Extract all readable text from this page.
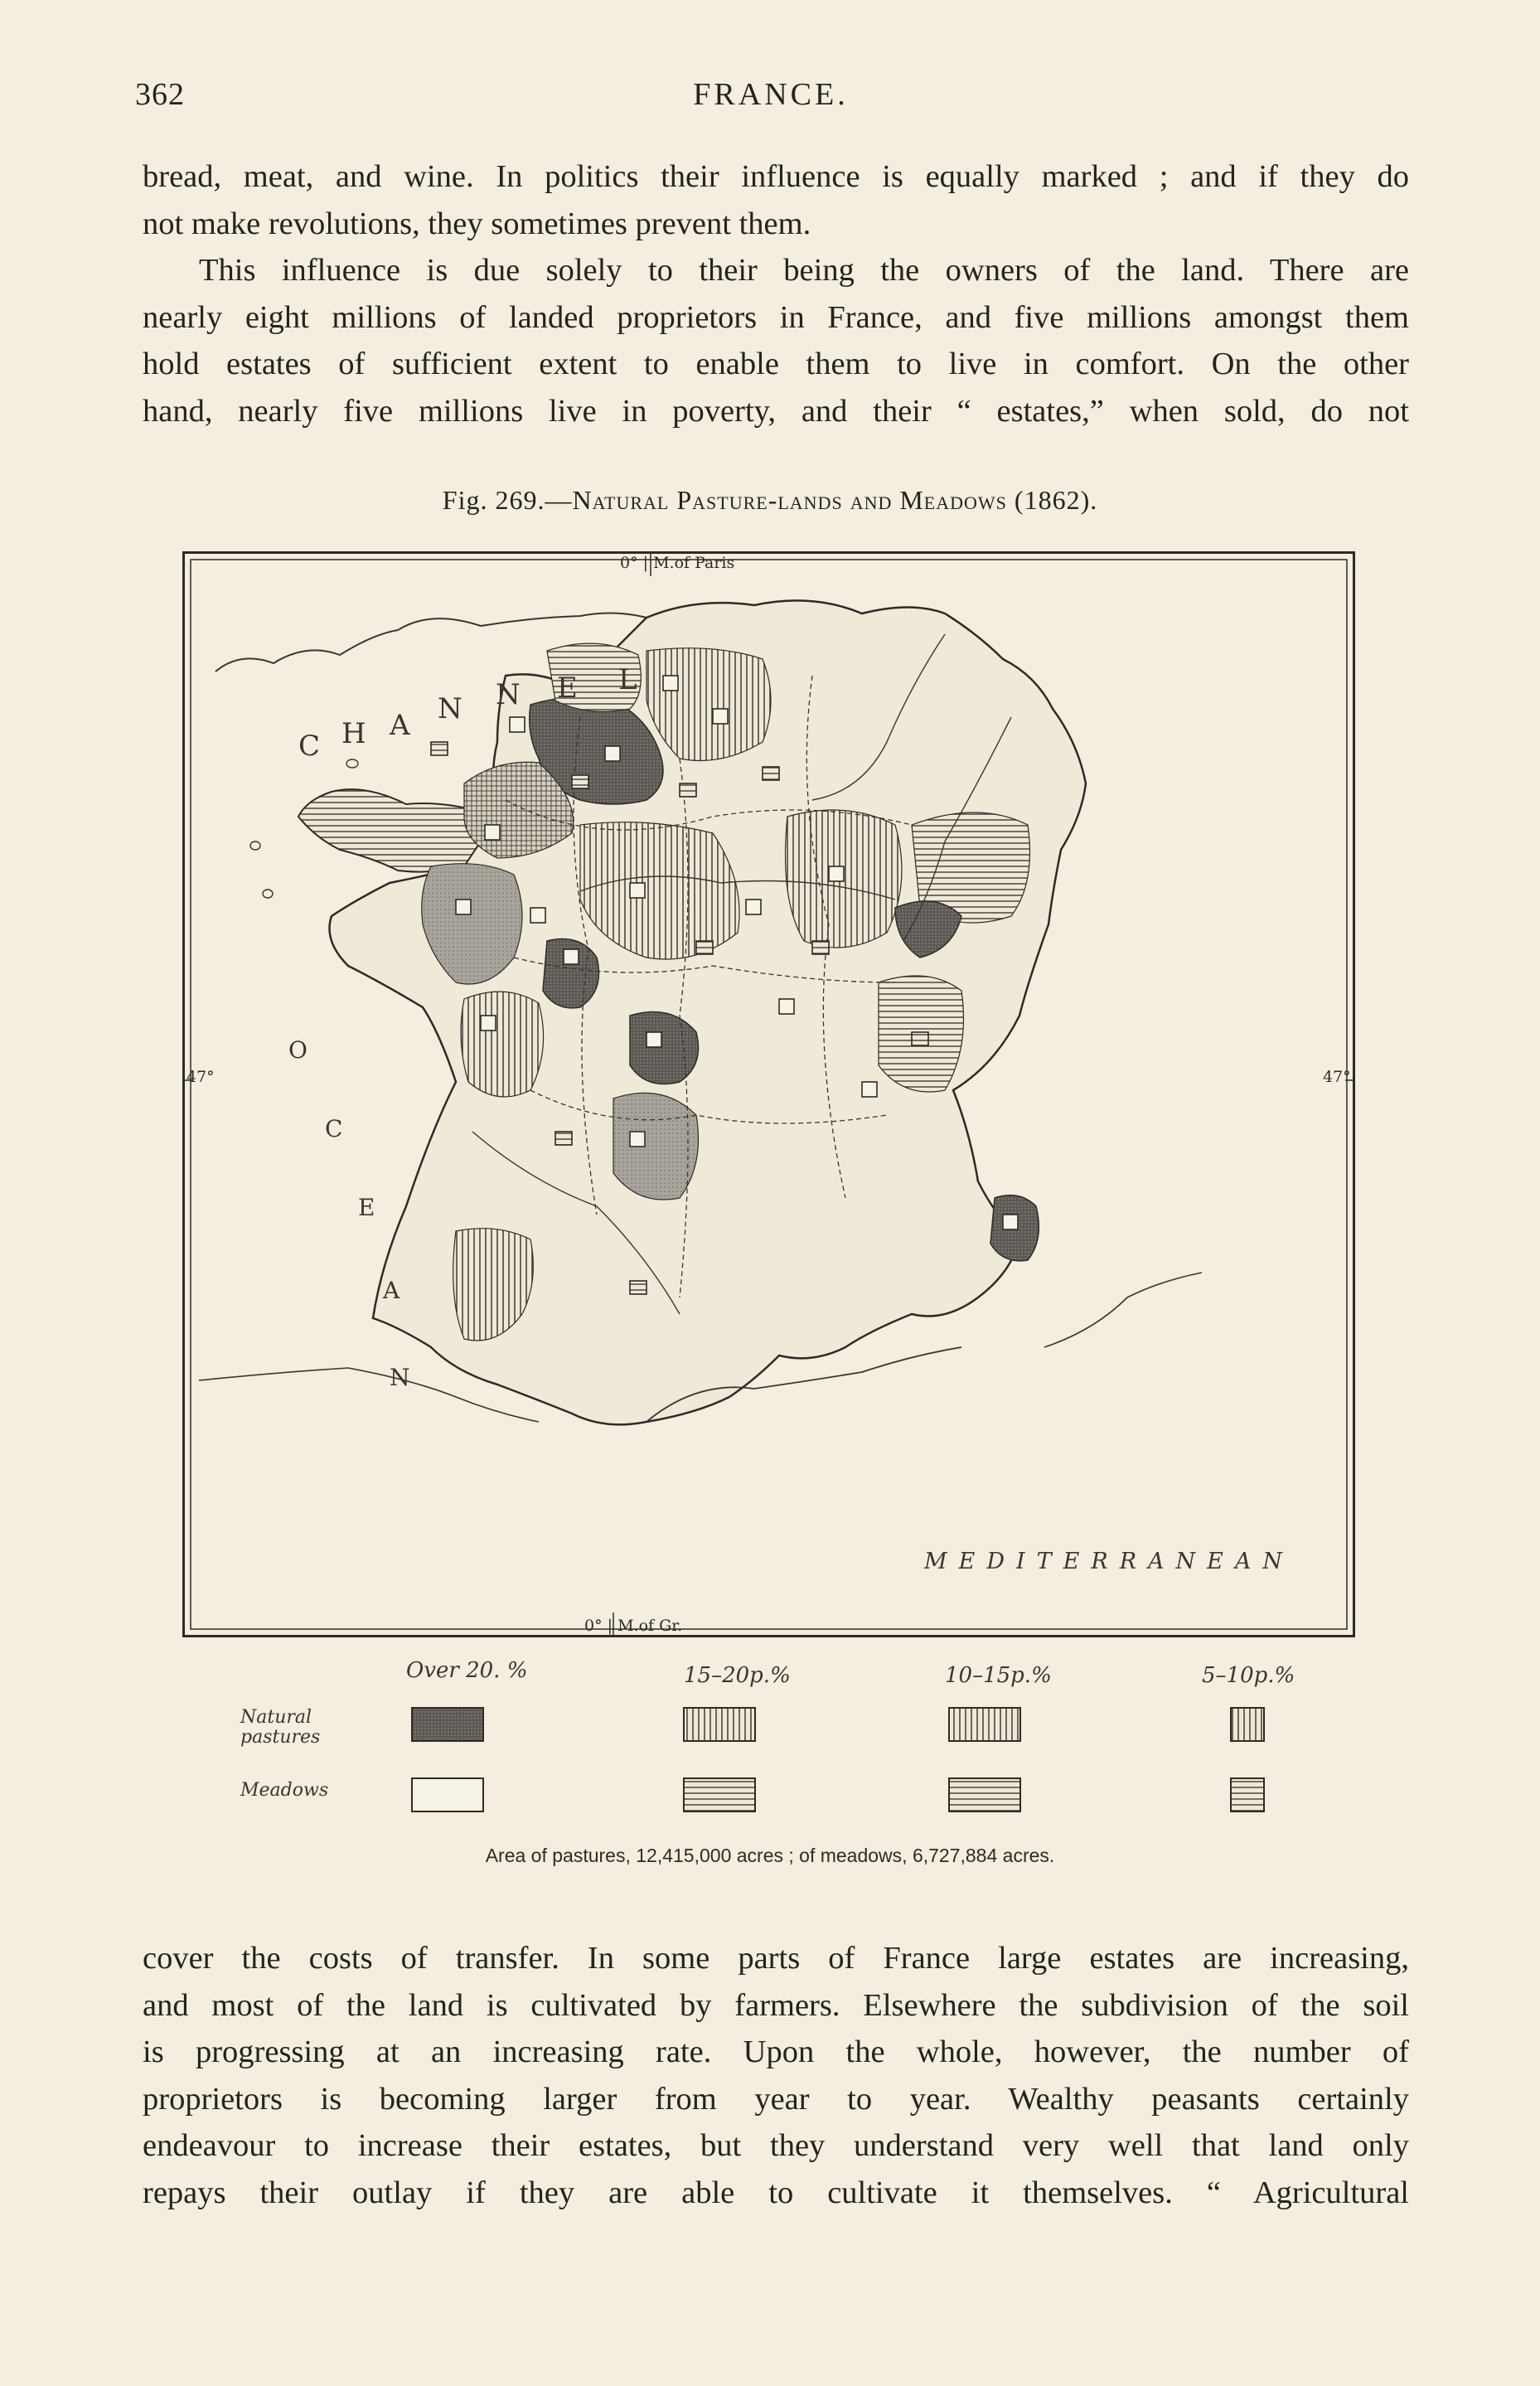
362	FRANCE.
bread, meat, and wine. In politics their influence is equally marked ; and if they do
not make revolutions, they sometimes prevent them.
This influence is due solely to their being the owners of the land. There are
nearly eight millions of landed proprietors in France, and five millions amongst them
hold estates of sufficient extent to enable them to live in comfort. On the other
hand, nearly five millions live in poverty, and their “ estates,” when sold, do not
Fig. 269.—Natural Pasture-lands and Meadows (1862).
0° | M.of Paris
0° | M.of Gr.
47°	47°
C H A N N E L
O
C
E
A
N
MEDITERRANEAN
Over 20. %	15–20p.%	10–15p.%	5–10p.%
Natural
pastures
Meadows
Area of pastures, 12,415,000 acres ; of meadows, 6,727,884 acres.
cover the costs of transfer. In some parts of France large estates are increasing,
and most of the land is cultivated by farmers. Elsewhere the subdivision of the soil
is progressing at an increasing rate. Upon the whole, however, the number of
proprietors is becoming larger from year to year. Wealthy peasants certainly
endeavour to increase their estates, but they understand very well that land only
repays their outlay if they are able to cultivate it themselves. “ Agricultural
